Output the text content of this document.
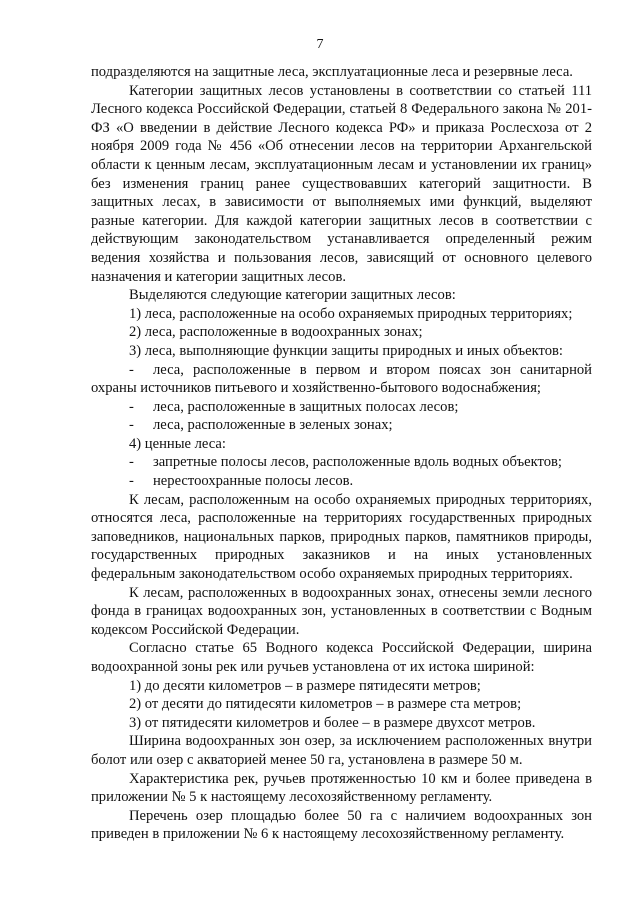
7

подразделяются на защитные леса, эксплуатационные леса и резервные леса.

Категории защитных лесов установлены в соответствии со статьей 111 Лесного кодекса Российской Федерации, статьей 8 Федерального закона № 201-ФЗ «О введении в действие Лесного кодекса РФ» и приказа Рослесхоза от 2 ноября 2009 года № 456 «Об отнесении лесов на территории Архангельской области к ценным лесам, эксплуатационным лесам и установлении их границ» без изменения границ ранее существовавших категорий защитности. В защитных лесах, в зависимости от выполняемых ими функций, выделяют разные категории. Для каждой категории защитных лесов в соответствии с действующим законодательством устанавливается определенный режим ведения хозяйства и пользования лесов, зависящий от основного целевого назначения и категории защитных лесов.

Выделяются следующие категории защитных лесов:

1) леса, расположенные на особо охраняемых природных территориях;

2) леса, расположенные в водоохранных зонах;

3) леса, выполняющие функции защиты природных и иных объектов:

- леса, расположенные в первом и втором поясах зон санитарной охраны источников питьевого и хозяйственно-бытового водоснабжения;

-	леса, расположенные в защитных полосах лесов;

-	леса, расположенные в зеленых зонах;

4) ценные леса:

-	запретные полосы лесов, расположенные вдоль водных объектов;

-	нерестоохранные полосы лесов.

К лесам, расположенным на особо охраняемых природных территориях, относятся леса, расположенные на территориях государственных природных заповедников, национальных парков, природных парков, памятников природы, государственных природных заказников и на иных установленных федеральным законодательством особо охраняемых природных территориях.

К лесам, расположенных в водоохранных зонах, отнесены земли лесного фонда в границах водоохранных зон, установленных в соответствии с Водным кодексом Российской Федерации.

Согласно статье 65 Водного кодекса Российской Федерации, ширина водоохранной зоны рек или ручьев установлена от их истока шириной:

1) до десяти километров – в размере пятидесяти метров;

2) от десяти до пятидесяти километров – в размере ста метров;

3) от пятидесяти километров и более – в размере двухсот метров.

Ширина водоохранных зон озер, за исключением расположенных внутри болот или озер с акваторией менее 50 га, установлена в размере 50 м.

Характеристика рек, ручьев протяженностью 10 км и более приведена в приложении № 5 к настоящему лесохозяйственному регламенту.

Перечень озер площадью более 50 га с наличием водоохранных зон приведен в приложении № 6 к настоящему лесохозяйственному регламенту.
